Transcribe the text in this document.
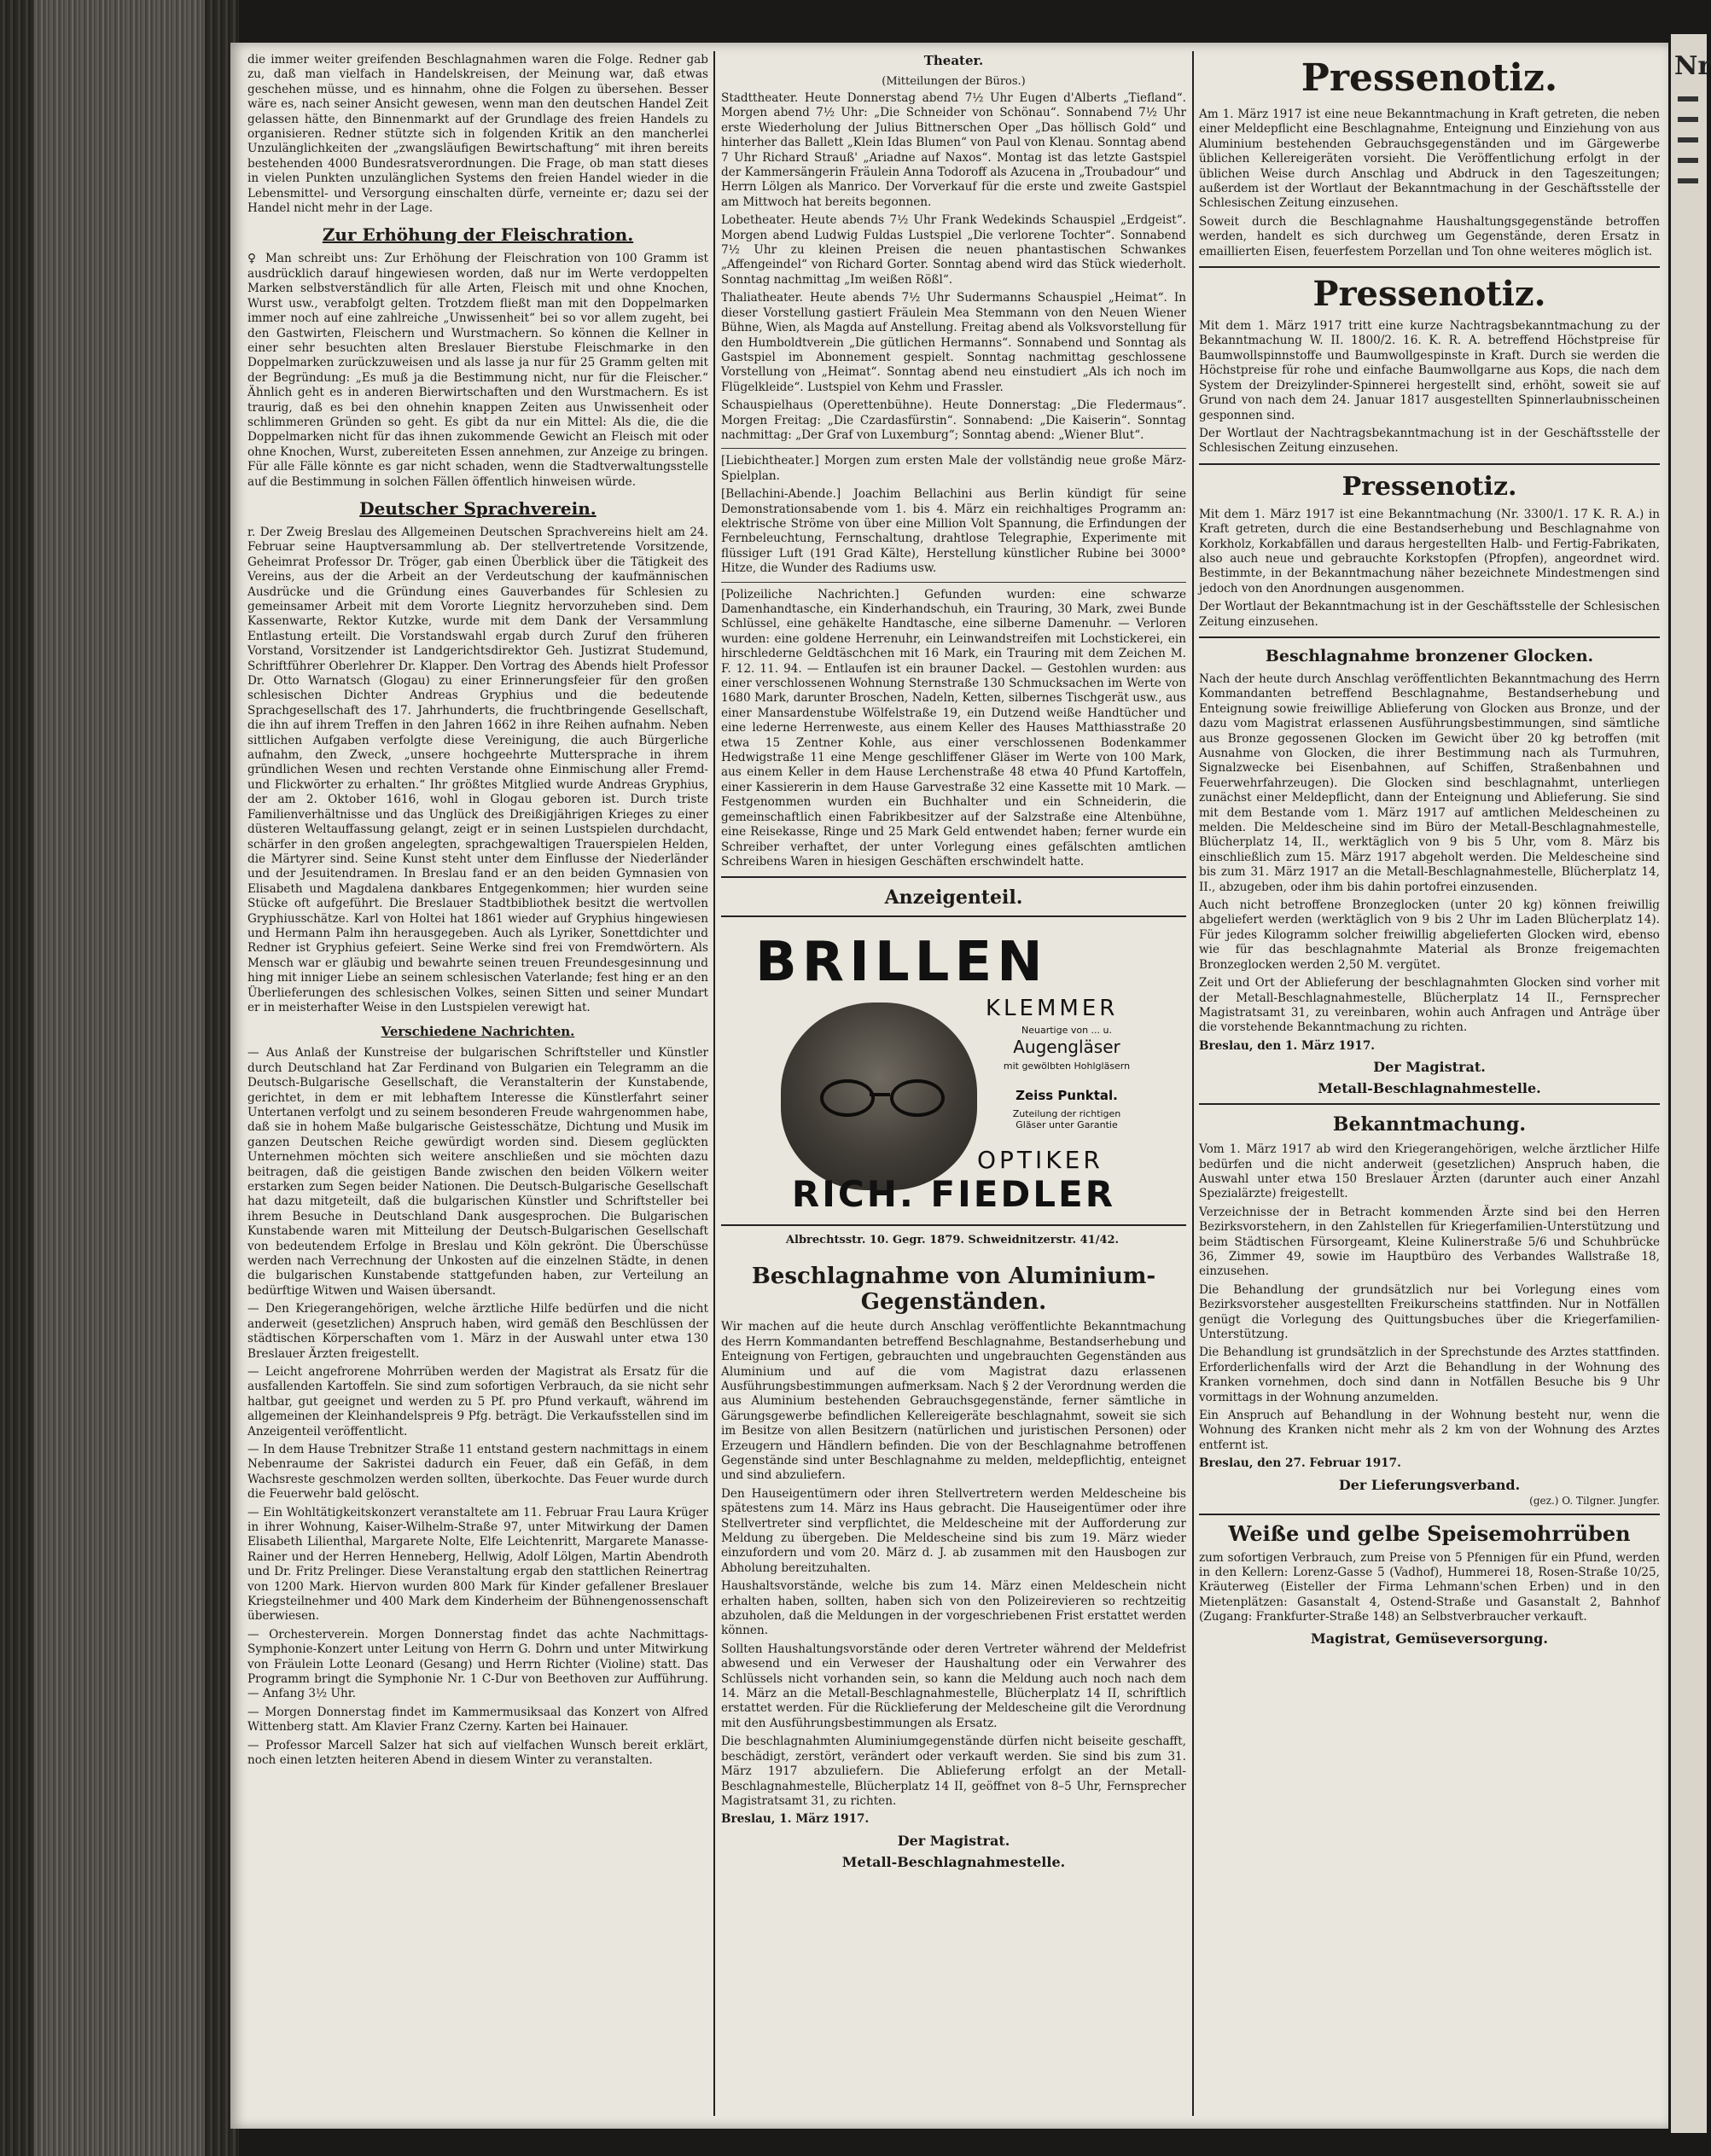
die immer weiter greifenden Beschlagnahmen waren die Folge. Redner gab zu, daß man vielfach in Handelskreisen, der Meinung war, daß etwas geschehen müsse, und es hinnahm, ohne die Folgen zu übersehen. Besser wäre es, nach seiner Ansicht gewesen, wenn man den deutschen Handel Zeit gelassen hätte, den Binnenmarkt auf der Grundlage des freien Handels zu organisieren. Redner stützte sich in folgenden Kritik an den mancherlei Unzulänglichkeiten der „zwangsläufigen Bewirtschaftung“ mit ihren bereits bestehenden 4000 Bundesratsverordnungen. Die Frage, ob man statt dieses in vielen Punkten unzulänglichen Systems den freien Handel wieder in die Lebensmittel- und Versorgung einschalten dürfe, verneinte er; dazu sei der Handel nicht mehr in der Lage.

Zur Erhöhung der Fleischration.

♀ Man schreibt uns: Zur Erhöhung der Fleischration von 100 Gramm ist ausdrücklich darauf hingewiesen worden, daß nur im Werte verdoppelten Marken selbstverständlich für alle Arten, Fleisch mit und ohne Knochen, Wurst usw., verabfolgt gelten. Trotzdem fließt man mit den Doppelmarken immer noch auf eine zahlreiche „Unwissenheit“ bei so vor allem zugeht, bei den Gastwirten, Fleischern und Wurstmachern. So können die Kellner in einer sehr besuchten alten Breslauer Bierstube Fleischmarke in den Doppelmarken zurückzuweisen und als lasse ja nur für 25 Gramm gelten mit der Begründung: „Es muß ja die Bestimmung nicht, nur für die Fleischer.“ Ähnlich geht es in anderen Bierwirtschaften und den Wurstmachern. Es ist traurig, daß es bei den ohnehin knappen Zeiten aus Unwissenheit oder schlimmeren Gründen so geht. Es gibt da nur ein Mittel: Als die, die die Doppelmarken nicht für das ihnen zukommende Gewicht an Fleisch mit oder ohne Knochen, Wurst, zubereiteten Essen annehmen, zur Anzeige zu bringen. Für alle Fälle könnte es gar nicht schaden, wenn die Stadtverwaltungsstelle auf die Bestimmung in solchen Fällen öffentlich hinweisen würde.

Deutscher Sprachverein.

r. Der Zweig Breslau des Allgemeinen Deutschen Sprachvereins hielt am 24. Februar seine Hauptversammlung ab. Der stellvertretende Vorsitzende, Geheimrat Professor Dr. Tröger, gab einen Überblick über die Tätigkeit des Vereins, aus der die Arbeit an der Verdeutschung der kaufmännischen Ausdrücke und die Gründung eines Gauverbandes für Schlesien zu gemeinsamer Arbeit mit dem Vororte Liegnitz hervorzuheben sind. Dem Kassenwarte, Rektor Kutzke, wurde mit dem Dank der Versammlung Entlastung erteilt. Die Vorstandswahl ergab durch Zuruf den früheren Vorstand, Vorsitzender ist Landgerichtsdirektor Geh. Justizrat Studemund, Schriftführer Oberlehrer Dr. Klapper. Den Vortrag des Abends hielt Professor Dr. Otto Warnatsch (Glogau) zu einer Erinnerungsfeier für den großen schlesischen Dichter Andreas Gryphius und die bedeutende Sprachgesellschaft des 17. Jahrhunderts, die fruchtbringende Gesellschaft, die ihn auf ihrem Treffen in den Jahren 1662 in ihre Reihen aufnahm. Neben sittlichen Aufgaben verfolgte diese Vereinigung, die auch Bürgerliche aufnahm, den Zweck, „unsere hochgeehrte Muttersprache in ihrem gründlichen Wesen und rechten Verstande ohne Einmischung aller Fremd- und Flickwörter zu erhalten.“ Ihr größtes Mitglied wurde Andreas Gryphius, der am 2. Oktober 1616, wohl in Glogau geboren ist. Durch triste Familienverhältnisse und das Unglück des Dreißigjährigen Krieges zu einer düsteren Weltauffassung gelangt, zeigt er in seinen Lustspielen durchdacht, schärfer in den großen angelegten, sprachgewaltigen Trauerspielen Helden, die Märtyrer sind. Seine Kunst steht unter dem Einflusse der Niederländer und der Jesuitendramen. In Breslau fand er an den beiden Gymnasien von Elisabeth und Magdalena dankbares Entgegenkommen; hier wurden seine Stücke oft aufgeführt. Die Breslauer Stadtbibliothek besitzt die wertvollen Gryphiusschätze. Karl von Holtei hat 1861 wieder auf Gryphius hingewiesen und Hermann Palm ihn herausgegeben. Auch als Lyriker, Sonettdichter und Redner ist Gryphius gefeiert. Seine Werke sind frei von Fremdwörtern. Als Mensch war er gläubig und bewahrte seinen treuen Freundesgesinnung und hing mit inniger Liebe an seinem schlesischen Vaterlande; fest hing er an den Überlieferungen des schlesischen Volkes, seinen Sitten und seiner Mundart er in meisterhafter Weise in den Lustspielen verewigt hat.

Verschiedene Nachrichten.

— Aus Anlaß der Kunstreise der bulgarischen Schriftsteller und Künstler durch Deutschland hat Zar Ferdinand von Bulgarien ein Telegramm an die Deutsch-Bulgarische Gesellschaft, die Veranstalterin der Kunstabende, gerichtet, in dem er mit lebhaftem Interesse die Künstlerfahrt seiner Untertanen verfolgt und zu seinem besonderen Freude wahrgenommen habe, daß sie in hohem Maße bulgarische Geistesschätze, Dichtung und Musik im ganzen Deutschen Reiche gewürdigt worden sind. Diesem geglückten Unternehmen möchten sich weitere anschließen und sie möchten dazu beitragen, daß die geistigen Bande zwischen den beiden Völkern weiter erstarken zum Segen beider Nationen. Die Deutsch-Bulgarische Gesellschaft hat dazu mitgeteilt, daß die bulgarischen Künstler und Schriftsteller bei ihrem Besuche in Deutschland Dank ausgesprochen. Die Bulgarischen Kunstabende waren mit Mitteilung der Deutsch-Bulgarischen Gesellschaft von bedeutendem Erfolge in Breslau und Köln gekrönt. Die Überschüsse werden nach Verrechnung der Unkosten auf die einzelnen Städte, in denen die bulgarischen Kunstabende stattgefunden haben, zur Verteilung an bedürftige Witwen und Waisen übersandt.

— Den Kriegerangehörigen, welche ärztliche Hilfe bedürfen und die nicht anderweit (gesetzlichen) Anspruch haben, wird gemäß den Beschlüssen der städtischen Körperschaften vom 1. März in der Auswahl unter etwa 130 Breslauer Ärzten freigestellt.

— Leicht angefrorene Mohrrüben werden der Magistrat als Ersatz für die ausfallenden Kartoffeln. Sie sind zum sofortigen Verbrauch, da sie nicht sehr haltbar, gut geeignet und werden zu 5 Pf. pro Pfund verkauft, während im allgemeinen der Kleinhandelspreis 9 Pfg. beträgt. Die Verkaufsstellen sind im Anzeigenteil veröffentlicht.

— In dem Hause Trebnitzer Straße 11 entstand gestern nachmittags in einem Nebenraume der Sakristei dadurch ein Feuer, daß ein Gefäß, in dem Wachsreste geschmolzen werden sollten, überkochte. Das Feuer wurde durch die Feuerwehr bald gelöscht.

— Ein Wohltätigkeitskonzert veranstaltete am 11. Februar Frau Laura Krüger in ihrer Wohnung, Kaiser-Wilhelm-Straße 97, unter Mitwirkung der Damen Elisabeth Lilienthal, Margarete Nolte, Elfe Leichtenritt, Margarete Manasse-Rainer und der Herren Henneberg, Hellwig, Adolf Lölgen, Martin Abendroth und Dr. Fritz Prelinger. Diese Veranstaltung ergab den stattlichen Reinertrag von 1200 Mark. Hiervon wurden 800 Mark für Kinder gefallener Breslauer Kriegsteilnehmer und 400 Mark dem Kinderheim der Bühnengenossenschaft überwiesen.

— Orchesterverein. Morgen Donnerstag findet das achte Nachmittags-Symphonie-Konzert unter Leitung von Herrn G. Dohrn und unter Mitwirkung von Fräulein Lotte Leonard (Gesang) und Herrn Richter (Violine) statt. Das Programm bringt die Symphonie Nr. 1 C-Dur von Beethoven zur Aufführung. — Anfang 3½ Uhr.

— Morgen Donnerstag findet im Kammermusiksaal das Konzert von Alfred Wittenberg statt. Am Klavier Franz Czerny. Karten bei Hainauer.

— Professor Marcell Salzer hat sich auf vielfachen Wunsch bereit erklärt, noch einen letzten heiteren Abend in diesem Winter zu veranstalten.

Theater.
(Mitteilungen der Büros.)

Stadttheater. Heute Donnerstag abend 7½ Uhr Eugen d'Alberts „Tiefland“. Morgen abend 7½ Uhr: „Die Schneider von Schönau“. Sonnabend 7½ Uhr erste Wiederholung der Julius Bittnerschen Oper „Das höllisch Gold“ und hinterher das Ballett „Klein Idas Blumen“ von Paul von Klenau. Sonntag abend 7 Uhr Richard Strauß' „Ariadne auf Naxos“. Montag ist das letzte Gastspiel der Kammersängerin Fräulein Anna Todoroff als Azucena in „Troubadour“ und Herrn Lölgen als Manrico. Der Vorverkauf für die erste und zweite Gastspiel am Mittwoch hat bereits begonnen.

Lobetheater. Heute abends 7½ Uhr Frank Wedekinds Schauspiel „Erdgeist“. Morgen abend Ludwig Fuldas Lustspiel „Die verlorene Tochter“. Sonnabend 7½ Uhr zu kleinen Preisen die neuen phantastischen Schwankes „Affengeindel“ von Richard Gorter. Sonntag abend wird das Stück wiederholt. Sonntag nachmittag „Im weißen Rößl“.

Thaliatheater. Heute abends 7½ Uhr Sudermanns Schauspiel „Heimat“. In dieser Vorstellung gastiert Fräulein Mea Stemmann von den Neuen Wiener Bühne, Wien, als Magda auf Anstellung. Freitag abend als Volksvorstellung für den Humboldtverein „Die gütlichen Hermanns“. Sonnabend und Sonntag als Gastspiel im Abonnement gespielt. Sonntag nachmittag geschlossene Vorstellung von „Heimat“. Sonntag abend neu einstudiert „Als ich noch im Flügelkleide“. Lustspiel von Kehm und Frassler.

Schauspielhaus (Operettenbühne). Heute Donnerstag: „Die Fledermaus“. Morgen Freitag: „Die Czardasfürstin“. Sonnabend: „Die Kaiserin“. Sonntag nachmittag: „Der Graf von Luxemburg“; Sonntag abend: „Wiener Blut“.

[Liebichtheater.] Morgen zum ersten Male der vollständig neue große März-Spielplan.

[Bellachini-Abende.] Joachim Bellachini aus Berlin kündigt für seine Demonstrationsabende vom 1. bis 4. März ein reichhaltiges Programm an: elektrische Ströme von über eine Million Volt Spannung, die Erfindungen der Fernbeleuchtung, Fernschaltung, drahtlose Telegraphie, Experimente mit flüssiger Luft (191 Grad Kälte), Herstellung künstlicher Rubine bei 3000° Hitze, die Wunder des Radiums usw.

[Polizeiliche Nachrichten.] Gefunden wurden: eine schwarze Damenhandtasche, ein Kinderhandschuh, ein Trauring, 30 Mark, zwei Bunde Schlüssel, eine gehäkelte Handtasche, eine silberne Damenuhr. — Verloren wurden: eine goldene Herrenuhr, ein Leinwandstreifen mit Lochstickerei, ein hirschlederne Geldtäschchen mit 16 Mark, ein Trauring mit dem Zeichen M. F. 12. 11. 94. — Entlaufen ist ein brauner Dackel. — Gestohlen wurden: aus einer verschlossenen Wohnung Sternstraße 130 Schmucksachen im Werte von 1680 Mark, darunter Broschen, Nadeln, Ketten, silbernes Tischgerät usw., aus einer Mansardenstube Wölfelstraße 19, ein Dutzend weiße Handtücher und eine lederne Herrenweste, aus einem Keller des Hauses Matthiasstraße 20 etwa 15 Zentner Kohle, aus einer verschlossenen Bodenkammer Hedwigstraße 11 eine Menge geschliffener Gläser im Werte von 100 Mark, aus einem Keller in dem Hause Lerchenstraße 48 etwa 40 Pfund Kartoffeln, einer Kassiererin in dem Hause Garvestraße 32 eine Kassette mit 10 Mark. — Festgenommen wurden ein Buchhalter und ein Schneiderin, die gemeinschaftlich einen Fabrikbesitzer auf der Salzstraße eine Altenbühne, eine Reisekasse, Ringe und 25 Mark Geld entwendet haben; ferner wurde ein Schreiber verhaftet, der unter Vorlegung eines gefälschten amtlichen Schreibens Waren in hiesigen Geschäften erschwindelt hatte.

Anzeigenteil.
BRILLEN
KLEMMER
Neuartige von ... u.
Augengläser
mit gewölbten Hohlgläsern
Zeiss Punktal.
Zuteilung der richtigen Gläser unter Garantie
OPTIKER
RICH. FIEDLER
Albrechtsstr. 10. Gegr. 1879. Schweidnitzerstr. 41/42.
Beschlagnahme von Aluminium-Gegenständen.

Wir machen auf die heute durch Anschlag veröffentlichte Bekanntmachung des Herrn Kommandanten betreffend Beschlagnahme, Bestandserhebung und Enteignung von Fertigen, gebrauchten und ungebrauchten Gegenständen aus Aluminium und auf die vom Magistrat dazu erlassenen Ausführungsbestimmungen aufmerksam. Nach § 2 der Verordnung werden die aus Aluminium bestehenden Gebrauchsgegenstände, ferner sämtliche in Gärungsgewerbe befindlichen Kellereigeräte beschlagnahmt, soweit sie sich im Besitze von allen Besitzern (natürlichen und juristischen Personen) oder Erzeugern und Händlern befinden. Die von der Beschlagnahme betroffenen Gegenstände sind unter Beschlagnahme zu melden, meldepflichtig, enteignet und sind abzuliefern.

Den Hauseigentümern oder ihren Stellvertretern werden Meldescheine bis spätestens zum 14. März ins Haus gebracht. Die Hauseigentümer oder ihre Stellvertreter sind verpflichtet, die Meldescheine mit der Aufforderung zur Meldung zu übergeben. Die Meldescheine sind bis zum 19. März wieder einzufordern und vom 20. März d. J. ab zusammen mit den Hausbogen zur Abholung bereitzuhalten.

Haushaltsvorstände, welche bis zum 14. März einen Meldeschein nicht erhalten haben, sollten, haben sich von den Polizeirevieren so rechtzeitig abzuholen, daß die Meldungen in der vorgeschriebenen Frist erstattet werden können.

Sollten Haushaltungsvorstände oder deren Vertreter während der Meldefrist abwesend und ein Verweser der Haushaltung oder ein Verwahrer des Schlüssels nicht vorhanden sein, so kann die Meldung auch noch nach dem 14. März an die Metall-Beschlagnahmestelle, Blücherplatz 14 II, schriftlich erstattet werden. Für die Rücklieferung der Meldescheine gilt die Verordnung mit den Ausführungsbestimmungen als Ersatz.

Die beschlagnahmten Aluminiumgegenstände dürfen nicht beiseite geschafft, beschädigt, zerstört, verändert oder verkauft werden. Sie sind bis zum 31. März 1917 abzuliefern. Die Ablieferung erfolgt an der Metall-Beschlagnahmestelle, Blücherplatz 14 II, geöffnet von 8–5 Uhr, Fernsprecher Magistratsamt 31, zu richten.

Breslau, 1. März 1917.

Der Magistrat.
Metall-Beschlagnahmestelle.
Pressenotiz.

Am 1. März 1917 ist eine neue Bekanntmachung in Kraft getreten, die neben einer Meldepflicht eine Beschlagnahme, Enteignung und Einziehung von aus Aluminium bestehenden Gebrauchsgegenständen und im Gärgewerbe üblichen Kellereigeräten vorsieht. Die Veröffentlichung erfolgt in der üblichen Weise durch Anschlag und Abdruck in den Tageszeitungen; außerdem ist der Wortlaut der Bekanntmachung in der Geschäftsstelle der Schlesischen Zeitung einzusehen.

Soweit durch die Beschlagnahme Haushaltungsgegenstände betroffen werden, handelt es sich durchweg um Gegenstände, deren Ersatz in emaillierten Eisen, feuerfestem Porzellan und Ton ohne weiteres möglich ist.

Pressenotiz.

Mit dem 1. März 1917 tritt eine kurze Nachtragsbekanntmachung zu der Bekanntmachung W. II. 1800/2. 16. K. R. A. betreffend Höchstpreise für Baumwollspinnstoffe und Baumwollgespinste in Kraft. Durch sie werden die Höchstpreise für rohe und einfache Baumwollgarne aus Kops, die nach dem System der Dreizylinder-Spinnerei hergestellt sind, erhöht, soweit sie auf Grund von nach dem 24. Januar 1817 ausgestellten Spinnerlaubnisscheinen gesponnen sind.

Der Wortlaut der Nachtragsbekanntmachung ist in der Geschäftsstelle der Schlesischen Zeitung einzusehen.

Pressenotiz.

Mit dem 1. März 1917 ist eine Bekanntmachung (Nr. 3300/1. 17 K. R. A.) in Kraft getreten, durch die eine Bestandserhebung und Beschlagnahme von Korkholz, Korkabfällen und daraus hergestellten Halb- und Fertig-Fabrikaten, also auch neue und gebrauchte Korkstopfen (Pfropfen), angeordnet wird. Bestimmte, in der Bekanntmachung näher bezeichnete Mindestmengen sind jedoch von den Anordnungen ausgenommen.

Der Wortlaut der Bekanntmachung ist in der Geschäftsstelle der Schlesischen Zeitung einzusehen.

Beschlagnahme bronzener Glocken.

Nach der heute durch Anschlag veröffentlichten Bekanntmachung des Herrn Kommandanten betreffend Beschlagnahme, Bestandserhebung und Enteignung sowie freiwillige Ablieferung von Glocken aus Bronze, und der dazu vom Magistrat erlassenen Ausführungsbestimmungen, sind sämtliche aus Bronze gegossenen Glocken im Gewicht über 20 kg betroffen (mit Ausnahme von Glocken, die ihrer Bestimmung nach als Turmuhren, Signalzwecke bei Eisenbahnen, auf Schiffen, Straßenbahnen und Feuerwehrfahrzeugen). Die Glocken sind beschlagnahmt, unterliegen zunächst einer Meldepflicht, dann der Enteignung und Ablieferung. Sie sind mit dem Bestande vom 1. März 1917 auf amtlichen Meldescheinen zu melden. Die Meldescheine sind im Büro der Metall-Beschlagnahmestelle, Blücherplatz 14, II., werktäglich von 9 bis 5 Uhr, vom 8. März bis einschließlich zum 15. März 1917 abgeholt werden. Die Meldescheine sind bis zum 31. März 1917 an die Metall-Beschlagnahmestelle, Blücherplatz 14, II., abzugeben, oder ihm bis dahin portofrei einzusenden.

Auch nicht betroffene Bronzeglocken (unter 20 kg) können freiwillig abgeliefert werden (werktäglich von 9 bis 2 Uhr im Laden Blücherplatz 14). Für jedes Kilogramm solcher freiwillig abgelieferten Glocken wird, ebenso wie für das beschlagnahmte Material als Bronze freigemachten Bronzeglocken werden 2,50 M. vergütet.

Zeit und Ort der Ablieferung der beschlagnahmten Glocken sind vorher mit der Metall-Beschlagnahmestelle, Blücherplatz 14 II., Fernsprecher Magistratsamt 31, zu vereinbaren, wohin auch Anfragen und Anträge über die vorstehende Bekanntmachung zu richten.

Breslau, den 1. März 1917.

Der Magistrat.
Metall-Beschlagnahmestelle.
Bekanntmachung.

Vom 1. März 1917 ab wird den Kriegerangehörigen, welche ärztlicher Hilfe bedürfen und die nicht anderweit (gesetzlichen) Anspruch haben, die Auswahl unter etwa 150 Breslauer Ärzten (darunter auch einer Anzahl Spezialärzte) freigestellt.

Verzeichnisse der in Betracht kommenden Ärzte sind bei den Herren Bezirksvorstehern, in den Zahlstellen für Kriegerfamilien-Unterstützung und beim Städtischen Fürsorgeamt, Kleine Kulinerstraße 5/6 und Schuhbrücke 36, Zimmer 49, sowie im Hauptbüro des Verbandes Wallstraße 18, einzusehen.

Die Behandlung der grundsätzlich nur bei Vorlegung eines vom Bezirksvorsteher ausgestellten Freikurscheins stattfinden. Nur in Notfällen genügt die Vorlegung des Quittungsbuches über die Kriegerfamilien-Unterstützung.

Die Behandlung ist grundsätzlich in der Sprechstunde des Arztes stattfinden. Erforderlichenfalls wird der Arzt die Behandlung in der Wohnung des Kranken vornehmen, doch sind dann in Notfällen Besuche bis 9 Uhr vormittags in der Wohnung anzumelden.

Ein Anspruch auf Behandlung in der Wohnung besteht nur, wenn die Wohnung des Kranken nicht mehr als 2 km von der Wohnung des Arztes entfernt ist.

Breslau, den 27. Februar 1917.

Der Lieferungsverband.
(gez.) O. Tilgner. Jungfer.
Weiße und gelbe Speisemohrrüben

zum sofortigen Verbrauch, zum Preise von 5 Pfennigen für ein Pfund, werden in den Kellern: Lorenz-Gasse 5 (Vadhof), Hummerei 18, Rosen-Straße 10/25, Kräuterweg (Eisteller der Firma Lehmann'schen Erben) und in den Mietenplätzen: Gasanstalt 4, Ostend-Straße und Gasanstalt 2, Bahnhof (Zugang: Frankfurter-Straße 148) an Selbstverbraucher verkauft.

Magistrat, Gemüseversorgung.
Nr
